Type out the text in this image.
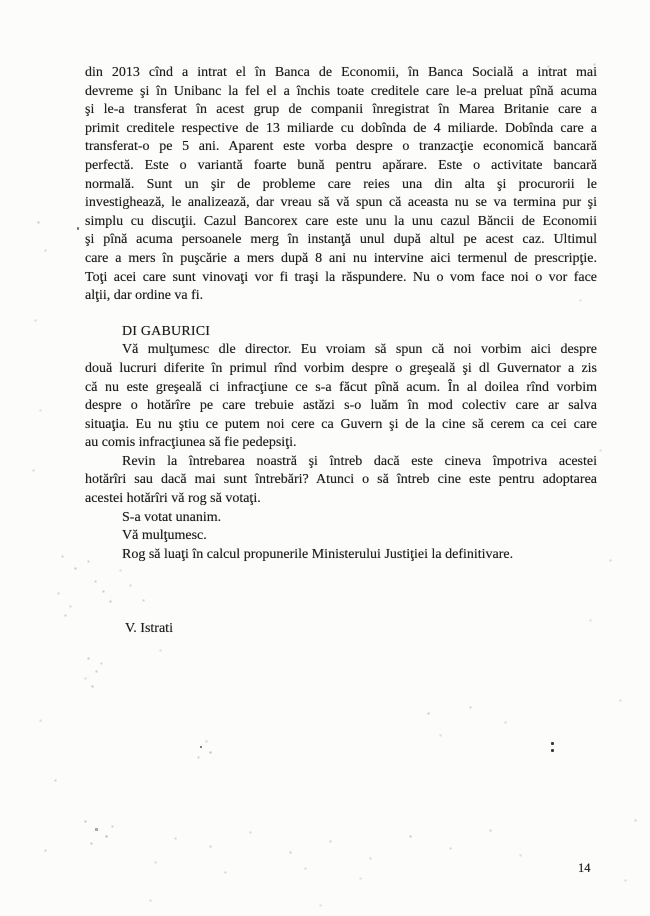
din 2013 cînd a intrat el în Banca de Economii, în Banca Socială a intrat mai
devreme şi în Unibanc la fel el a închis toate creditele care le-a preluat pînă acuma
şi le-a transferat în acest grup de companii înregistrat în Marea Britanie care a
primit creditele respective de 13 miliarde cu dobînda de 4 miliarde. Dobînda care a
transferat-o pe 5 ani. Aparent este vorba despre o tranzacţie economică bancară
perfectă. Este o variantă foarte bună pentru apărare. Este o activitate bancară
normală. Sunt un şir de probleme care reies una din alta şi procurorii le
investighează, le analizează, dar vreau să vă spun că aceasta nu se va termina pur şi
simplu cu discuţii. Cazul Bancorex care este unu la unu cazul Băncii de Economii
şi pînă acuma persoanele merg în instanţă unul după altul pe acest caz. Ultimul
care a mers în puşcărie a mers după 8 ani nu intervine aici termenul de prescripţie.
Toţi acei care sunt vinovaţi vor fi traşi la răspundere. Nu o vom face noi o vor face
alţii, dar ordine va fi.
DI GABURICI
Vă mulţumesc dle director. Eu vroiam să spun că noi vorbim aici despre
două lucruri diferite în primul rînd vorbim despre o greşeală şi dl Guvernator a zis
că nu este greşeală ci infracţiune ce s-a făcut pînă acum. În al doilea rînd vorbim
despre o hotărîre pe care trebuie astăzi s-o luăm în mod colectiv care ar salva
situaţia. Eu nu ştiu ce putem noi cere ca Guvern şi de la cine să cerem ca cei care
au comis infracţiunea să fie pedepsiţi.
Revin la întrebarea noastră şi întreb dacă este cineva împotriva acestei
hotărîri sau dacă mai sunt întrebări? Atunci o să întreb cine este pentru adoptarea
acestei hotărîri vă rog să votaţi.
S-a votat unanim.
Vă mulţumesc.
Rog să luaţi în calcul propunerile Ministerului Justiţiei la definitivare.
V. Istrati
14
